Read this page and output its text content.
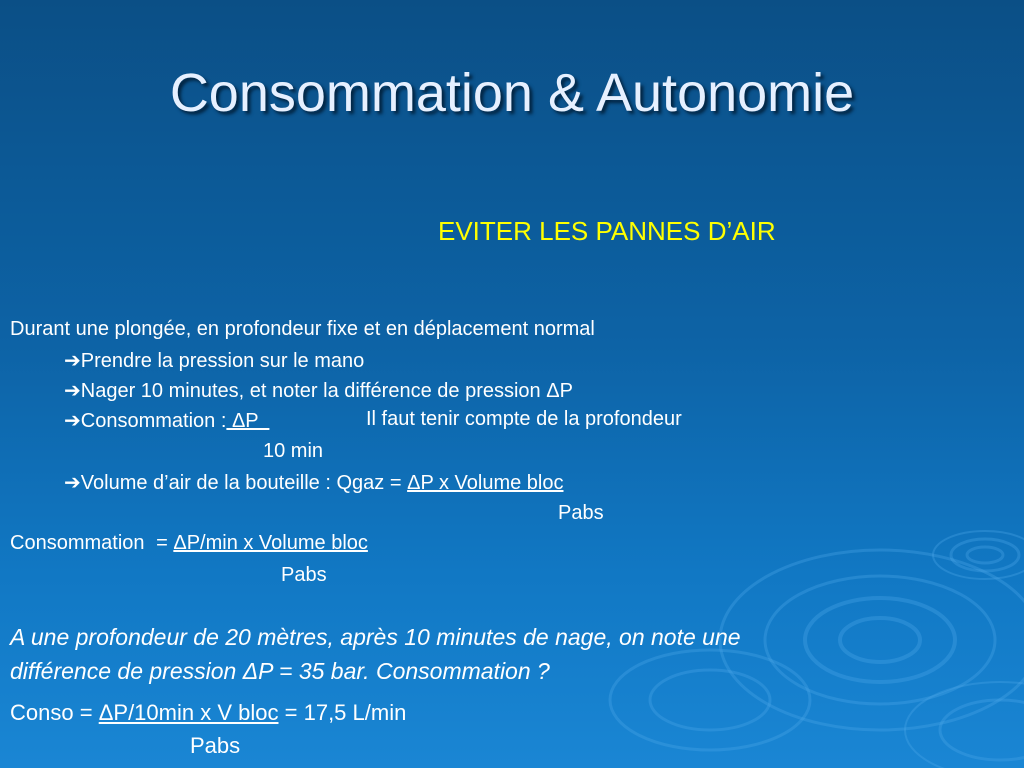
Consommation & Autonomie
EVITER LES PANNES D’AIR
Durant une plongée, en profondeur fixe et en déplacement normal
➔Prendre la pression sur le mano
➔Nager 10 minutes, et noter la différence de pression ΔP
➔Consommation : ΔP	Il faut tenir compte de la profondeur
10 min
➔Volume d’air de la bouteille : Qgaz = ΔP x Volume bloc
Pabs
Consommation = ΔP/min x Volume bloc
Pabs
A une profondeur de 20 mètres, après 10 minutes de nage, on note une
différence de pression ΔP = 35 bar. Consommation ?
Conso = ΔP/10min x V bloc = 17,5 L/min
Pabs
